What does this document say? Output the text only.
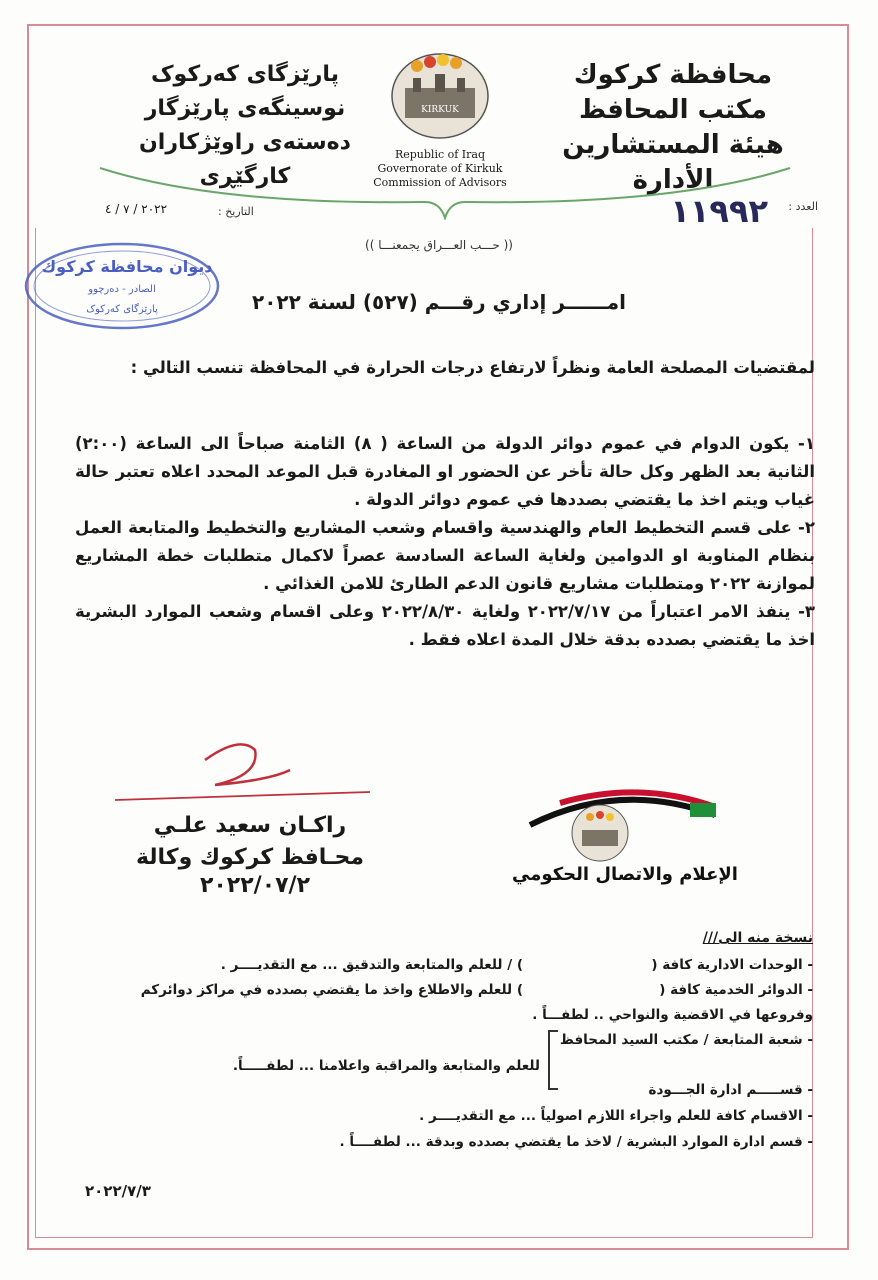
محافظة كركوك
مكتب المحافظ
هيئة المستشارين
الأدارة
پارێزگای کەرکوک
نوسینگەی پارێزگار
دەستەی راوێژکاران
کارگێڕی
KIRKUK
Republic of Iraq
Governorate of Kirkuk
Commission of Advisors
٢٠٢٢ / ٧ / ٤	التاريخ :	العدد :
١١٩٩٢
(( حـــب العـــراق يجمعنـــا ))
ديوان محافظة كركوك
الصادر - دەرچوو
پارێزگای کەرکوک	امــــــر إداري رقـــم (٥٢٧) لسنة ٢٠٢٢
لمقتضيات المصلحة العامة ونظراً لارتفاع درجات الحرارة في المحافظة تنسب التالي :
١- يكون الدوام في عموم دوائر الدولة من الساعة ( ٨) الثامنة صباحاً الى الساعة (٢:٠٠) الثانية بعد الظهر وكل حالة تأخر عن الحضور او المغادرة قبل الموعد المحدد اعلاه تعتبر حالة غياب ويتم اخذ ما يقتضي بصددها في عموم دوائر الدولة .
٢- على قسم التخطيط العام والهندسية واقسام وشعب المشاريع والتخطيط والمتابعة العمل بنظام المناوبة او الدوامين ولغاية الساعة السادسة عصراً لاكمال متطلبات خطة المشاريع لموازنة ٢٠٢٢ ومتطلبات مشاريع قانون الدعم الطارئ للامن الغذائي .
٣- ينفذ الامر اعتباراً من ٢٠٢٢/٧/١٧ ولغاية ٢٠٢٢/٨/٣٠ وعلى اقسام وشعب الموارد البشرية اخذ ما يقتضي بصدده بدقة خلال المدة اعلاه فقط .
راكـان سعيد علـي
محـافظ كركوك وكالة
٢٠٢٢/٠٧/٢	الإعلام والاتصال الحكومي
نسخة منه الى///
- الوحدات الادارية كافة (
- الدوائر الخدمية كافة (
وفروعها في الاقضية والنواحي .. لطفـــاً .
- شعبة المتابعة / مكتب السيد المحافظ
- قســـــم ادارة الجـــودة
- الاقسام كافة للعلم واجراء اللازم اصولياً ... مع التقديــــر .
- قسم ادارة الموارد البشرية / لاخذ ما يقتضي بصدده وبدقة ... لطفــــاً .
) / للعلم والمتابعة والتدقيق ... مع التقديــــر .
) للعلم والاطلاع واخذ ما يقتضي بصدده في مراكز دوائركم
للعلم والمتابعة والمراقبة واعلامنا ... لطفـــــاً.
٢٠٢٢/٧/٣
